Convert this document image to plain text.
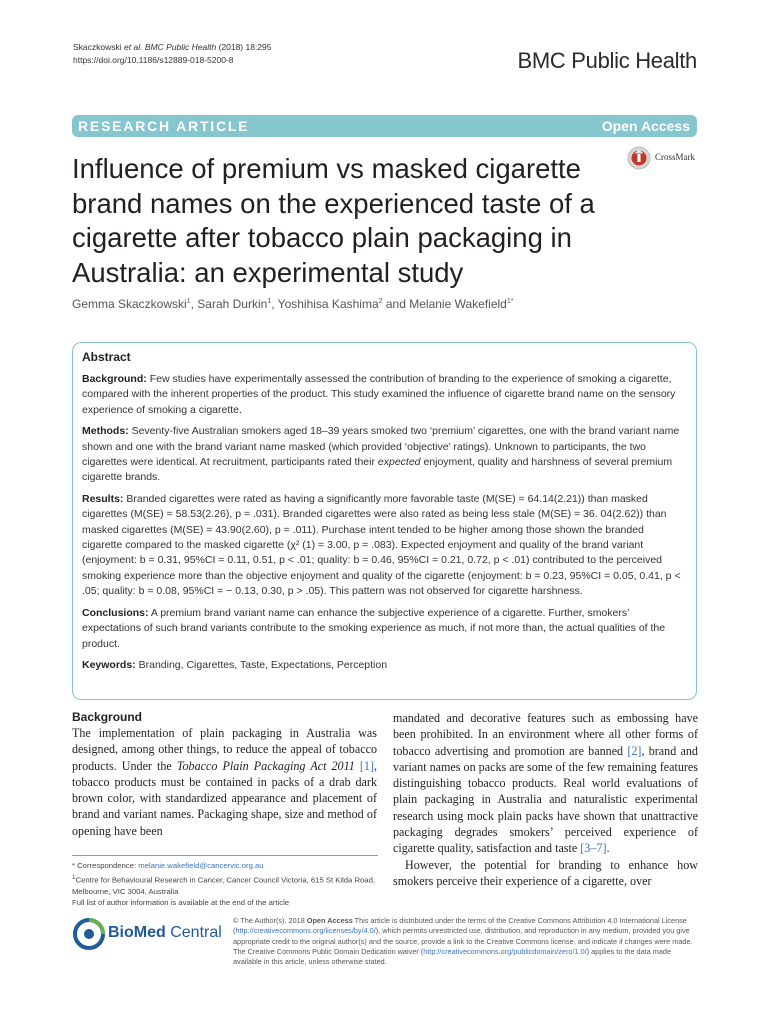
Skaczkowski et al. BMC Public Health (2018) 18:295
https://doi.org/10.1186/s12889-018-5200-8	BMC Public Health
RESEARCH ARTICLE	Open Access
Influence of premium vs masked cigarette brand names on the experienced taste of a cigarette after tobacco plain packaging in Australia: an experimental study
CrossMark
Gemma Skaczkowski$^1$, Sarah Durkin$^1$, Yoshihisa Kashima$^2$ and Melanie Wakefield$^{1*}$
Abstract

Background: Few studies have experimentally assessed the contribution of branding to the experience of smoking a cigarette, compared with the inherent properties of the product. This study examined the influence of cigarette brand name on the sensory experience of smoking a cigarette.

Methods: Seventy-five Australian smokers aged 18–39 years smoked two ‘premium’ cigarettes, one with the brand variant name shown and one with the brand variant name masked (which provided ‘objective’ ratings). Unknown to participants, the two cigarettes were identical. At recruitment, participants rated their expected enjoyment, quality and harshness of several premium cigarette brands.

Results: Branded cigarettes were rated as having a significantly more favorable taste (M(SE) = 64.14(2.21)) than masked cigarettes (M(SE) = 58.53(2.26), p = .031). Branded cigarettes were also rated as being less stale (M(SE) = 36. 04(2.62)) than masked cigarettes (M(SE) = 43.90(2.60), p = .011). Purchase intent tended to be higher among those shown the branded cigarette compared to the masked cigarette (χ² (1) = 3.00, p = .083). Expected enjoyment and quality of the brand variant (enjoyment: b = 0.31, 95%CI = 0.11, 0.51, p < .01; quality: b = 0.46, 95%CI = 0.21, 0.72, p < .01) contributed to the perceived smoking experience more than the objective enjoyment and quality of the cigarette (enjoyment: b = 0.23, 95%CI = 0.05, 0.41, p < .05; quality: b = 0.08, 95%CI = − 0.13, 0.30, p > .05). This pattern was not observed for cigarette harshness.

Conclusions: A premium brand variant name can enhance the subjective experience of a cigarette. Further, smokers’ expectations of such brand variants contribute to the smoking experience as much, if not more than, the actual qualities of the product.

Keywords: Branding, Cigarettes, Taste, Expectations, Perception

Background

The implementation of plain packaging in Australia was designed, among other things, to reduce the appeal of tobacco products. Under the Tobacco Plain Packaging Act 2011 [1], tobacco products must be contained in packs of a drab dark brown color, with standardized appearance and placement of brand and variant names. Packaging shape, size and method of opening have been

mandated and decorative features such as embossing have been prohibited. In an environment where all other forms of tobacco advertising and promotion are banned [2], brand and variant names on packs are some of the few remaining features distinguishing tobacco products. Real world evaluations of plain packaging in Australia and naturalistic experimental research using mock plain packs have shown that unattractive packaging degrades smokers’ perceived experience of cigarette quality, satisfaction and taste [3–7].

However, the potential for branding to enhance how smokers perceive their experience of a cigarette, over

* Correspondence: melanie.wakefield@cancervic.org.au
$^1$Centre for Behavioural Research in Cancer, Cancer Council Victoria, 615 St Kilda Road, Melbourne, VIC 3004, Australia
Full list of author information is available at the end of the article
BioMed Central
© The Author(s). 2018 Open Access This article is distributed under the terms of the Creative Commons Attribution 4.0 International License (http://creativecommons.org/licenses/by/4.0/), which permits unrestricted use, distribution, and reproduction in any medium, provided you give appropriate credit to the original author(s) and the source, provide a link to the Creative Commons license, and indicate if changes were made. The Creative Commons Public Domain Dedication waiver (http://creativecommons.org/publicdomain/zero/1.0/) applies to the data made available in this article, unless otherwise stated.
